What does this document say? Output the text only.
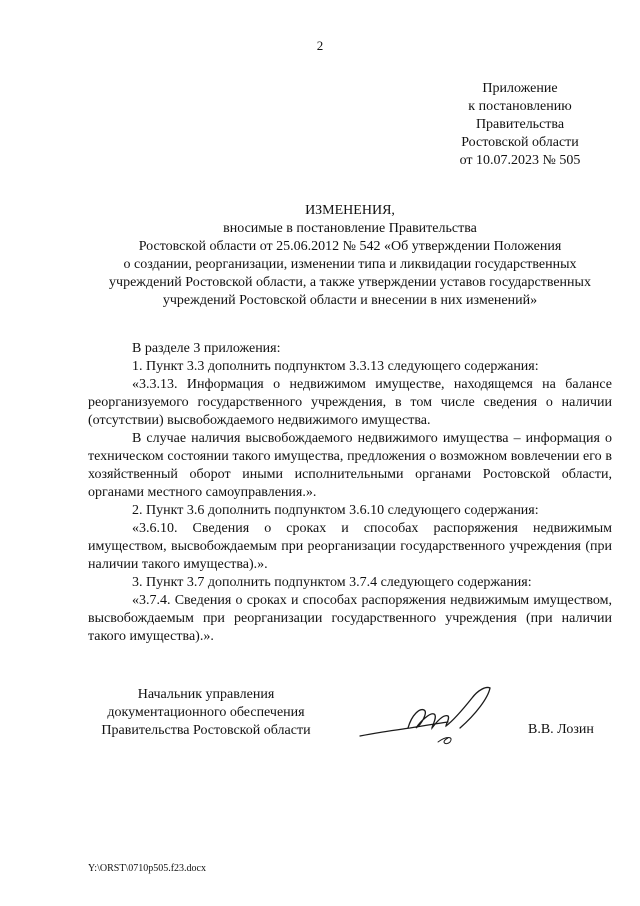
2
Приложение
к постановлению
Правительства
Ростовской области
от 10.07.2023 № 505
ИЗМЕНЕНИЯ,
вносимые в постановление Правительства
Ростовской области от 25.06.2012 № 542 «Об утверждении Положения
о создании, реорганизации, изменении типа и ликвидации государственных
учреждений Ростовской области, а также утверждении уставов государственных
учреждений Ростовской области и внесении в них изменений»

В разделе 3 приложения:

1. Пункт 3.3 дополнить подпунктом 3.3.13 следующего содержания:

«3.3.13. Информация о недвижимом имуществе, находящемся на балансе реорганизуемого государственного учреждения, в том числе сведения о наличии (отсутствии) высвобождаемого недвижимого имущества.

В случае наличия высвобождаемого недвижимого имущества – информация о техническом состоянии такого имущества, предложения о возможном вовлечении его в хозяйственный оборот иными исполнительными органами Ростовской области, органами местного самоуправления.».

2. Пункт 3.6 дополнить подпунктом 3.6.10 следующего содержания:

«3.6.10. Сведения о сроках и способах распоряжения недвижимым имуществом, высвобождаемым при реорганизации государственного учреждения (при наличии такого имущества).».

3. Пункт 3.7 дополнить подпунктом 3.7.4 следующего содержания:

«3.7.4. Сведения о сроках и способах распоряжения недвижимым имуществом, высвобождаемым при реорганизации государственного учреждения (при наличии такого имущества).».

Начальник управления
документационного обеспечения
Правительства Ростовской области	В.В. Лозин
Y:\ORST\0710p505.f23.docx
